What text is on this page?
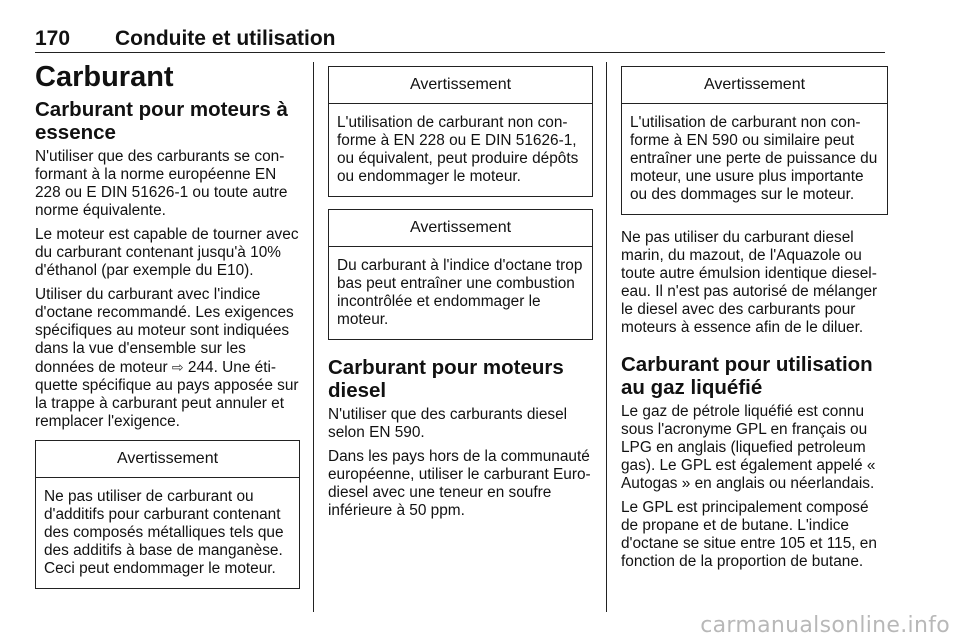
170 Conduite et utilisation
Carburant
Carburant pour moteurs à essence

N'utiliser que des carburants se conformant à la norme européenne EN 228 ou E DIN 51626-1 ou toute autre norme équivalente.

Le moteur est capable de tourner avec du carburant contenant jusqu'à 10% d'éthanol (par exemple du E10).

Utiliser du carburant avec l'indice d'octane recommandé. Les exigences spécifiques au moteur sont indiquées dans la vue d'ensemble sur les données de moteur ⇨ 244. Une étiquette spécifique au pays apposée sur la trappe à carburant peut annuler et remplacer l'exigence.

Avertissement
Ne pas utiliser de carburant ou d'additifs pour carburant contenant des composés métalliques tels que des additifs à base de manganèse. Ceci peut endommager le moteur.
Avertissement
L'utilisation de carburant non conforme à EN 228 ou E DIN 51626-1, ou équivalent, peut produire dépôts ou endommager le moteur.
Avertissement
Du carburant à l'indice d'octane trop bas peut entraîner une combustion incontrôlée et endommager le moteur.
Carburant pour moteurs diesel

N'utiliser que des carburants diesel selon EN 590.

Dans les pays hors de la communauté européenne, utiliser le carburant Euro-diesel avec une teneur en soufre inférieure à 50 ppm.

Avertissement
L'utilisation de carburant non conforme à EN 590 ou similaire peut entraîner une perte de puissance du moteur, une usure plus importante ou des dommages sur le moteur.

Ne pas utiliser du carburant diesel marin, du mazout, de l'Aquazole ou toute autre émulsion identique diesel-eau. Il n'est pas autorisé de mélanger le diesel avec des carburants pour moteurs à essence afin de le diluer.

Carburant pour utilisation au gaz liquéfié

Le gaz de pétrole liquéfié est connu sous l'acronyme GPL en français ou LPG en anglais (liquefied petroleum gas). Le GPL est également appelé « Autogas » en anglais ou néerlandais.

Le GPL est principalement composé de propane et de butane. L'indice d'octane se situe entre 105 et 115, en fonction de la proportion de butane.

carmanualsonline.info
